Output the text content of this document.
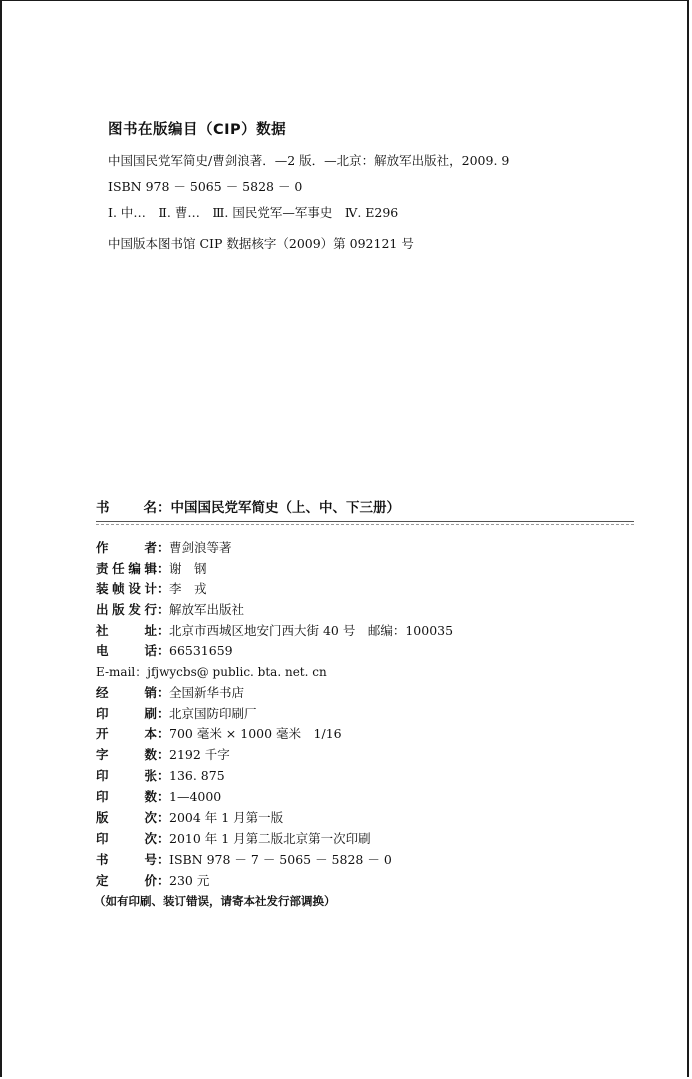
图书在版编目（CIP）数据
中国国民党军简史/曹剑浪著．—2 版．—北京：解放军出版社，2009. 9
ISBN 978 － 5065 － 5828 － 0
Ⅰ. 中…　Ⅱ. 曹…　Ⅲ. 国民党军—军事史　Ⅳ. E296
中国版本图书馆 CIP 数据核字（2009）第 092121 号
书名：中国国民党军简史（上、中、下三册）
作者：曹剑浪等著
责任编辑：谢　钢
装帧设计：李　戎
出版发行：解放军出版社
社址：北京市西城区地安门西大街 40 号　邮编：100035
电话：66531659
E-mail：jfjwycbs@ public. bta. net. cn
经销：全国新华书店
印刷：北京国防印刷厂
开本：700 毫米 × 1000 毫米　1/16
字数：2192 千字
印张：136. 875
印数：1—4000
版次：2004 年 1 月第一版
印次：2010 年 1 月第二版北京第一次印刷
书号：ISBN 978 － 7 － 5065 － 5828 － 0
定价：230 元
（如有印刷、装订错误，请寄本社发行部调换）
